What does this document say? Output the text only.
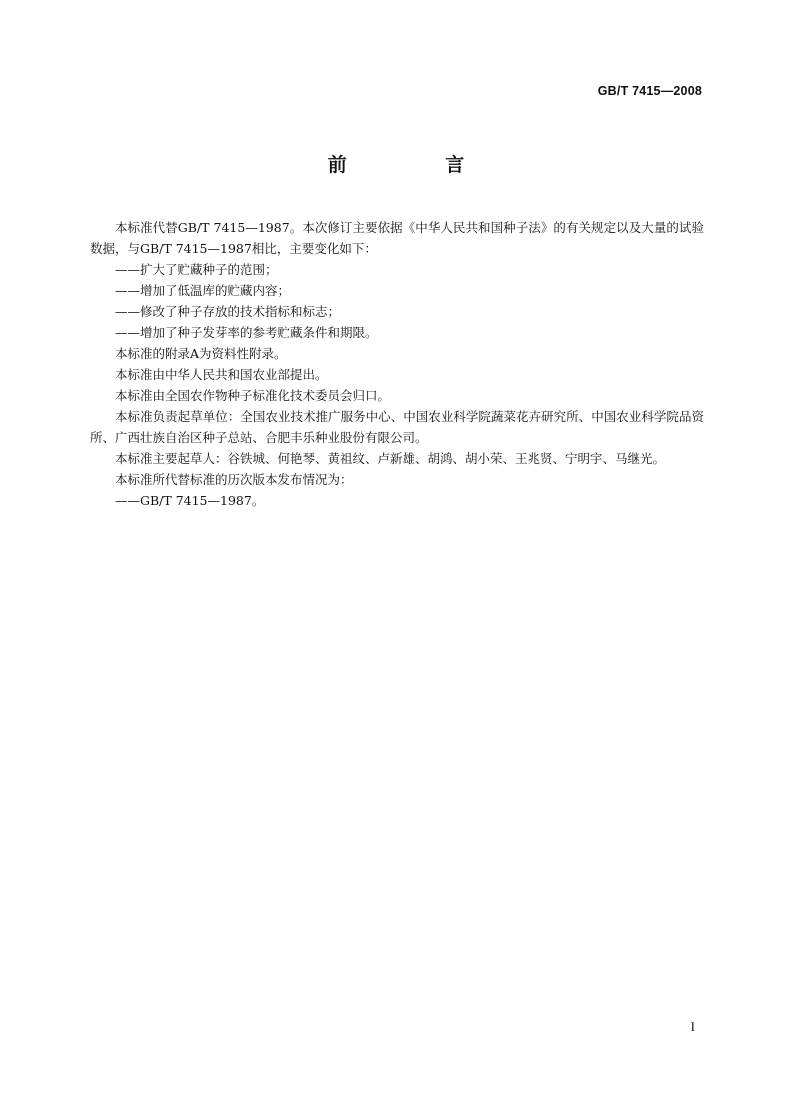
GB/T 7415—2008
前 言

本标准代替GB/T 7415—1987。本次修订主要依据《中华人民共和国种子法》的有关规定以及大量的试验数据，与GB/T 7415—1987相比，主要变化如下：

——扩大了贮藏种子的范围；

——增加了低温库的贮藏内容；

——修改了种子存放的技术指标和标志；

——增加了种子发芽率的参考贮藏条件和期限。

本标准的附录A为资料性附录。

本标准由中华人民共和国农业部提出。

本标准由全国农作物种子标准化技术委员会归口。

本标准负责起草单位：全国农业技术推广服务中心、中国农业科学院蔬菜花卉研究所、中国农业科学院品资所、广西壮族自治区种子总站、合肥丰乐种业股份有限公司。

本标准主要起草人：谷铁城、何艳琴、黄祖纹、卢新雄、胡鸿、胡小荣、王兆贤、宁明宇、马继光。

本标准所代替标准的历次版本发布情况为：

——GB/T 7415—1987。

I
